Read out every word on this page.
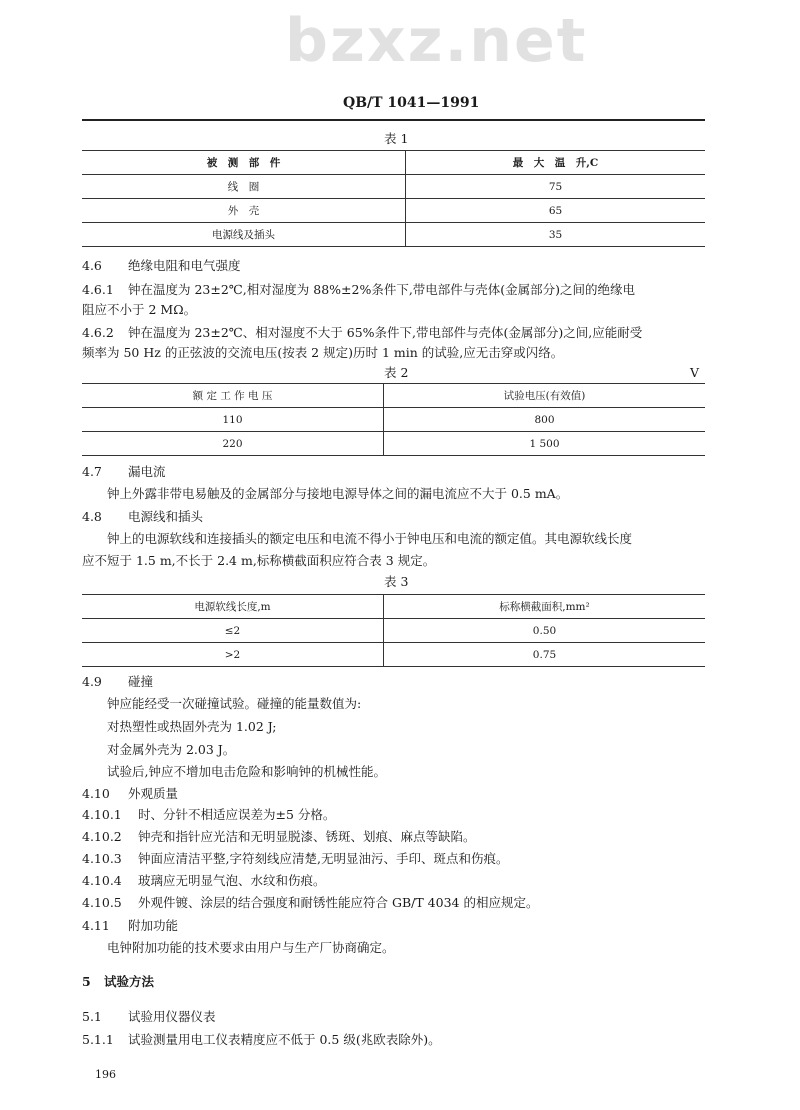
bzxz.net
QB/T 1041—1991
表 1
被　测　部　件	最　大　温　升,C
线　圈	75
外　壳	65
电源线及插头	35
4.6 绝缘电阻和电气强度
4.6.1 钟在温度为 23±2℃,相对湿度为 88%±2%条件下,带电部件与壳体(金属部分)之间的绝缘电
阻应不小于 2 MΩ。
4.6.2 钟在温度为 23±2℃、相对湿度不大于 65%条件下,带电部件与壳体(金属部分)之间,应能耐受
频率为 50 Hz 的正弦波的交流电压(按表 2 规定)历时 1 min 的试验,应无击穿或闪络。
表 2	V
额 定 工 作 电 压	试验电压(有效值)
110	800
220	1 500
4.7 漏电流
钟上外露非带电易触及的金属部分与接地电源导体之间的漏电流应不大于 0.5 mA。
4.8 电源线和插头
钟上的电源软线和连接插头的额定电压和电流不得小于钟电压和电流的额定值。其电源软线长度
应不短于 1.5 m,不长于 2.4 m,标称横截面积应符合表 3 规定。
表 3
电源软线长度,m	标称横截面积,mm²
≤2	0.50
>2	0.75
4.9 碰撞
钟应能经受一次碰撞试验。碰撞的能量数值为:
对热塑性或热固外壳为 1.02 J;
对金属外壳为 2.03 J。
试验后,钟应不增加电击危险和影响钟的机械性能。
4.10 外观质量
4.10.1 时、分针不相适应误差为±5 分格。
4.10.2 钟壳和指针应光洁和无明显脱漆、锈斑、划痕、麻点等缺陷。
4.10.3 钟面应清洁平整,字符刻线应清楚,无明显油污、手印、斑点和伤痕。
4.10.4 玻璃应无明显气泡、水纹和伤痕。
4.10.5 外观件镀、涂层的结合强度和耐锈性能应符合 GB/T 4034 的相应规定。
4.11 附加功能
电钟附加功能的技术要求由用户与生产厂协商确定。
5 试验方法
5.1 试验用仪器仪表
5.1.1 试验测量用电工仪表精度应不低于 0.5 级(兆欧表除外)。
196
